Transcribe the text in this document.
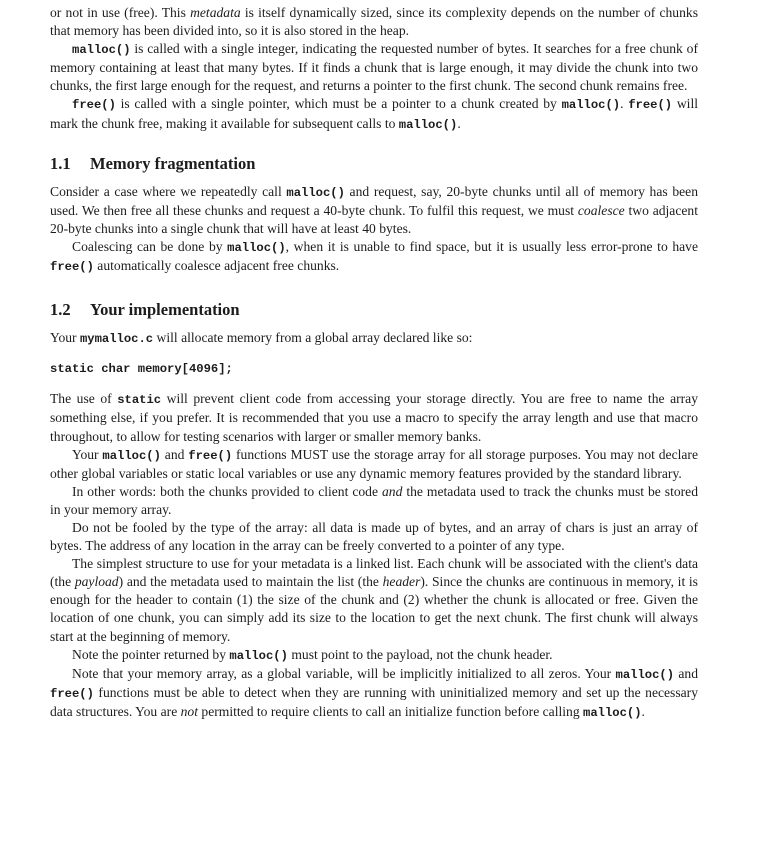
or not in use (free). This metadata is itself dynamically sized, since its complexity depends on the number of chunks that memory has been divided into, so it is also stored in the heap.

malloc() is called with a single integer, indicating the requested number of bytes. It searches for a free chunk of memory containing at least that many bytes. If it finds a chunk that is large enough, it may divide the chunk into two chunks, the first large enough for the request, and returns a pointer to the first chunk. The second chunk remains free.

free() is called with a single pointer, which must be a pointer to a chunk created by malloc(). free() will mark the chunk free, making it available for subsequent calls to malloc().

1.1 Memory fragmentation

Consider a case where we repeatedly call malloc() and request, say, 20-byte chunks until all of memory has been used. We then free all these chunks and request a 40-byte chunk. To fulfil this request, we must coalesce two adjacent 20-byte chunks into a single chunk that will have at least 40 bytes.

Coalescing can be done by malloc(), when it is unable to find space, but it is usually less error-prone to have free() automatically coalesce adjacent free chunks.

1.2 Your implementation

Your mymalloc.c will allocate memory from a global array declared like so:

static char memory[4096];

The use of static will prevent client code from accessing your storage directly. You are free to name the array something else, if you prefer. It is recommended that you use a macro to specify the array length and use that macro throughout, to allow for testing scenarios with larger or smaller memory banks.

Your malloc() and free() functions MUST use the storage array for all storage purposes. You may not declare other global variables or static local variables or use any dynamic memory features provided by the standard library.

In other words: both the chunks provided to client code and the metadata used to track the chunks must be stored in your memory array.

Do not be fooled by the type of the array: all data is made up of bytes, and an array of chars is just an array of bytes. The address of any location in the array can be freely converted to a pointer of any type.

The simplest structure to use for your metadata is a linked list. Each chunk will be associated with the client's data (the payload) and the metadata used to maintain the list (the header). Since the chunks are continuous in memory, it is enough for the header to contain (1) the size of the chunk and (2) whether the chunk is allocated or free. Given the location of one chunk, you can simply add its size to the location to get the next chunk. The first chunk will always start at the beginning of memory.

Note the pointer returned by malloc() must point to the payload, not the chunk header.

Note that your memory array, as a global variable, will be implicitly initialized to all zeros. Your malloc() and free() functions must be able to detect when they are running with uninitialized memory and set up the necessary data structures. You are not permitted to require clients to call an initialize function before calling malloc().
